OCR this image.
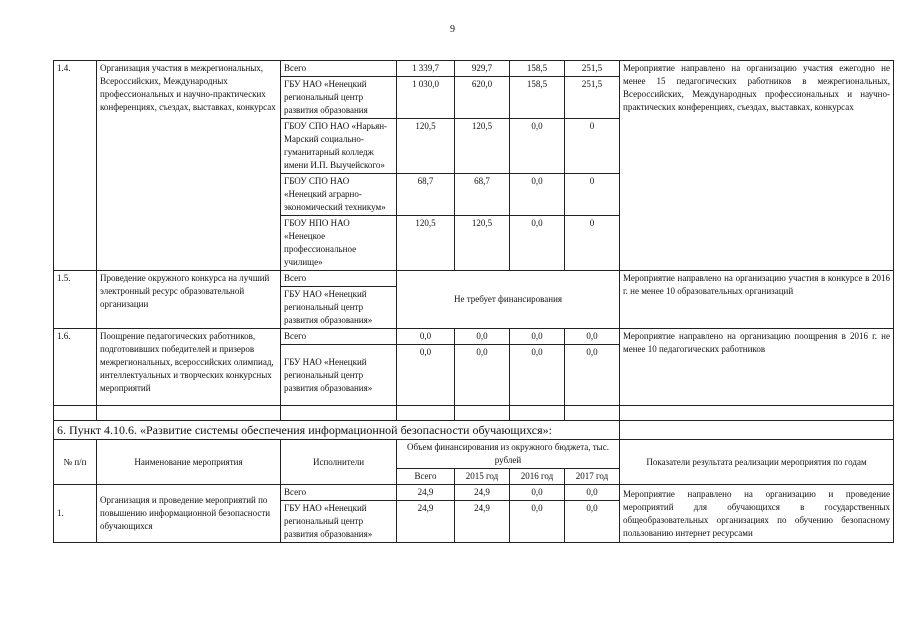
9
1.4.	Организация участия в межрегиональных, Всероссийских, Международных профессиональных и научно-практических конференциях, съездах, выставках, конкурсах	Всего	1 339,7	929,7	158,5	251,5	Мероприятие направлено на организацию участия ежегодно не менее 15 педагогических работников в межрегиональных, Всероссийских, Международных профессиональных и научно-практических конференциях, съездах, выставках, конкурсах
		ГБУ НАО «Ненецкий региональный центр развития образования	1 030,0	620,0	158,5	251,5	
		ГБОУ СПО НАО «Нарьян-Марский социально-гуманитарный колледж имени И.П. Выучейского»	120,5	120,5	0,0	0	
		ГБОУ СПО НАО «Ненецкий аграрно-экономический техникум»	68,7	68,7	0,0	0	
		ГБОУ НПО НАО «Ненецкое профессиональное училище»	120,5	120,5	0,0	0	
1.5.	Проведение окружного конкурса на лучший электронный ресурс образовательной организации	Всего	Не требует финансирования				Мероприятие направлено на организацию участия в конкурсе в 2016 г. не менее 10 образовательных организаций
		ГБУ НАО «Ненецкий региональный центр развития образования»					
1.6.	Поощрение педагогических работников, подготовивших победителей и призеров межрегиональных, всероссийских олимпиад, интеллектуальных и творческих конкурсных мероприятий	Всего	0,0	0,0	0,0	0,0	Мероприятие направлено на организацию поощрения в 2016 г. не менее 10 педагогических работников
		ГБУ НАО «Ненецкий региональный центр развития образования»	0,0	0,0	0,0	0,0	

6. Пункт 4.10.6. «Развитие системы обеспечения информационной безопасности обучающихся»:							
№ п/п	Наименование мероприятия	Исполнители	Объем финансирования из окружного бюджета, тыс. рублей				Показатели результата реализации мероприятия по годам
			Всего	2015 год	2016 год	2017 год	
1.	Организация и проведение мероприятий по повышению информационной безопасности обучающихся	Всего	24,9	24,9	0,0	0,0	Мероприятие направлено на организацию и проведение мероприятий для обучающихся в государственных общеобразовательных организациях по обучению безопасному пользованию интернет ресурсами
		ГБУ НАО «Ненецкий региональный центр развития образования»	24,9	24,9	0,0	0,0	
